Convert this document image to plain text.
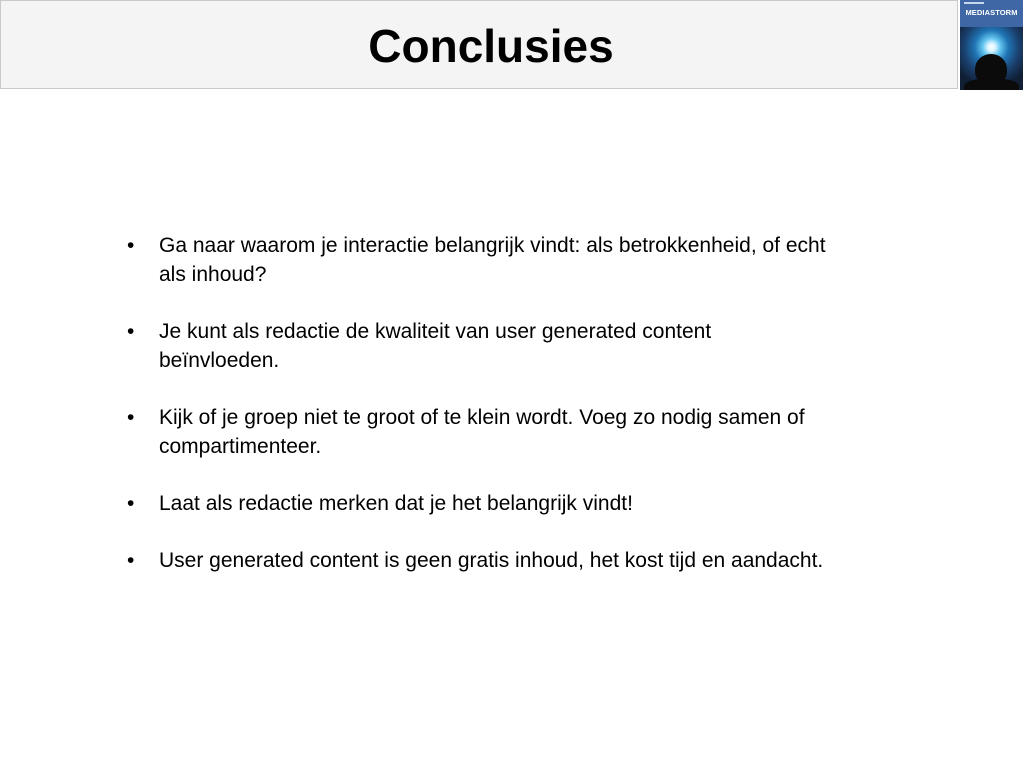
Conclusies
MEDIASTORM
• Ga naar waarom je interactie belangrijk vindt: als betrokkenheid, of echt als inhoud?
• Je kunt als redactie de kwaliteit van user generated content beïnvloeden.
• Kijk of je groep niet te groot of te klein wordt. Voeg zo nodig samen of compartimenteer.
• Laat als redactie merken dat je het belangrijk vindt!
• User generated content is geen gratis inhoud, het kost tijd en aandacht.
